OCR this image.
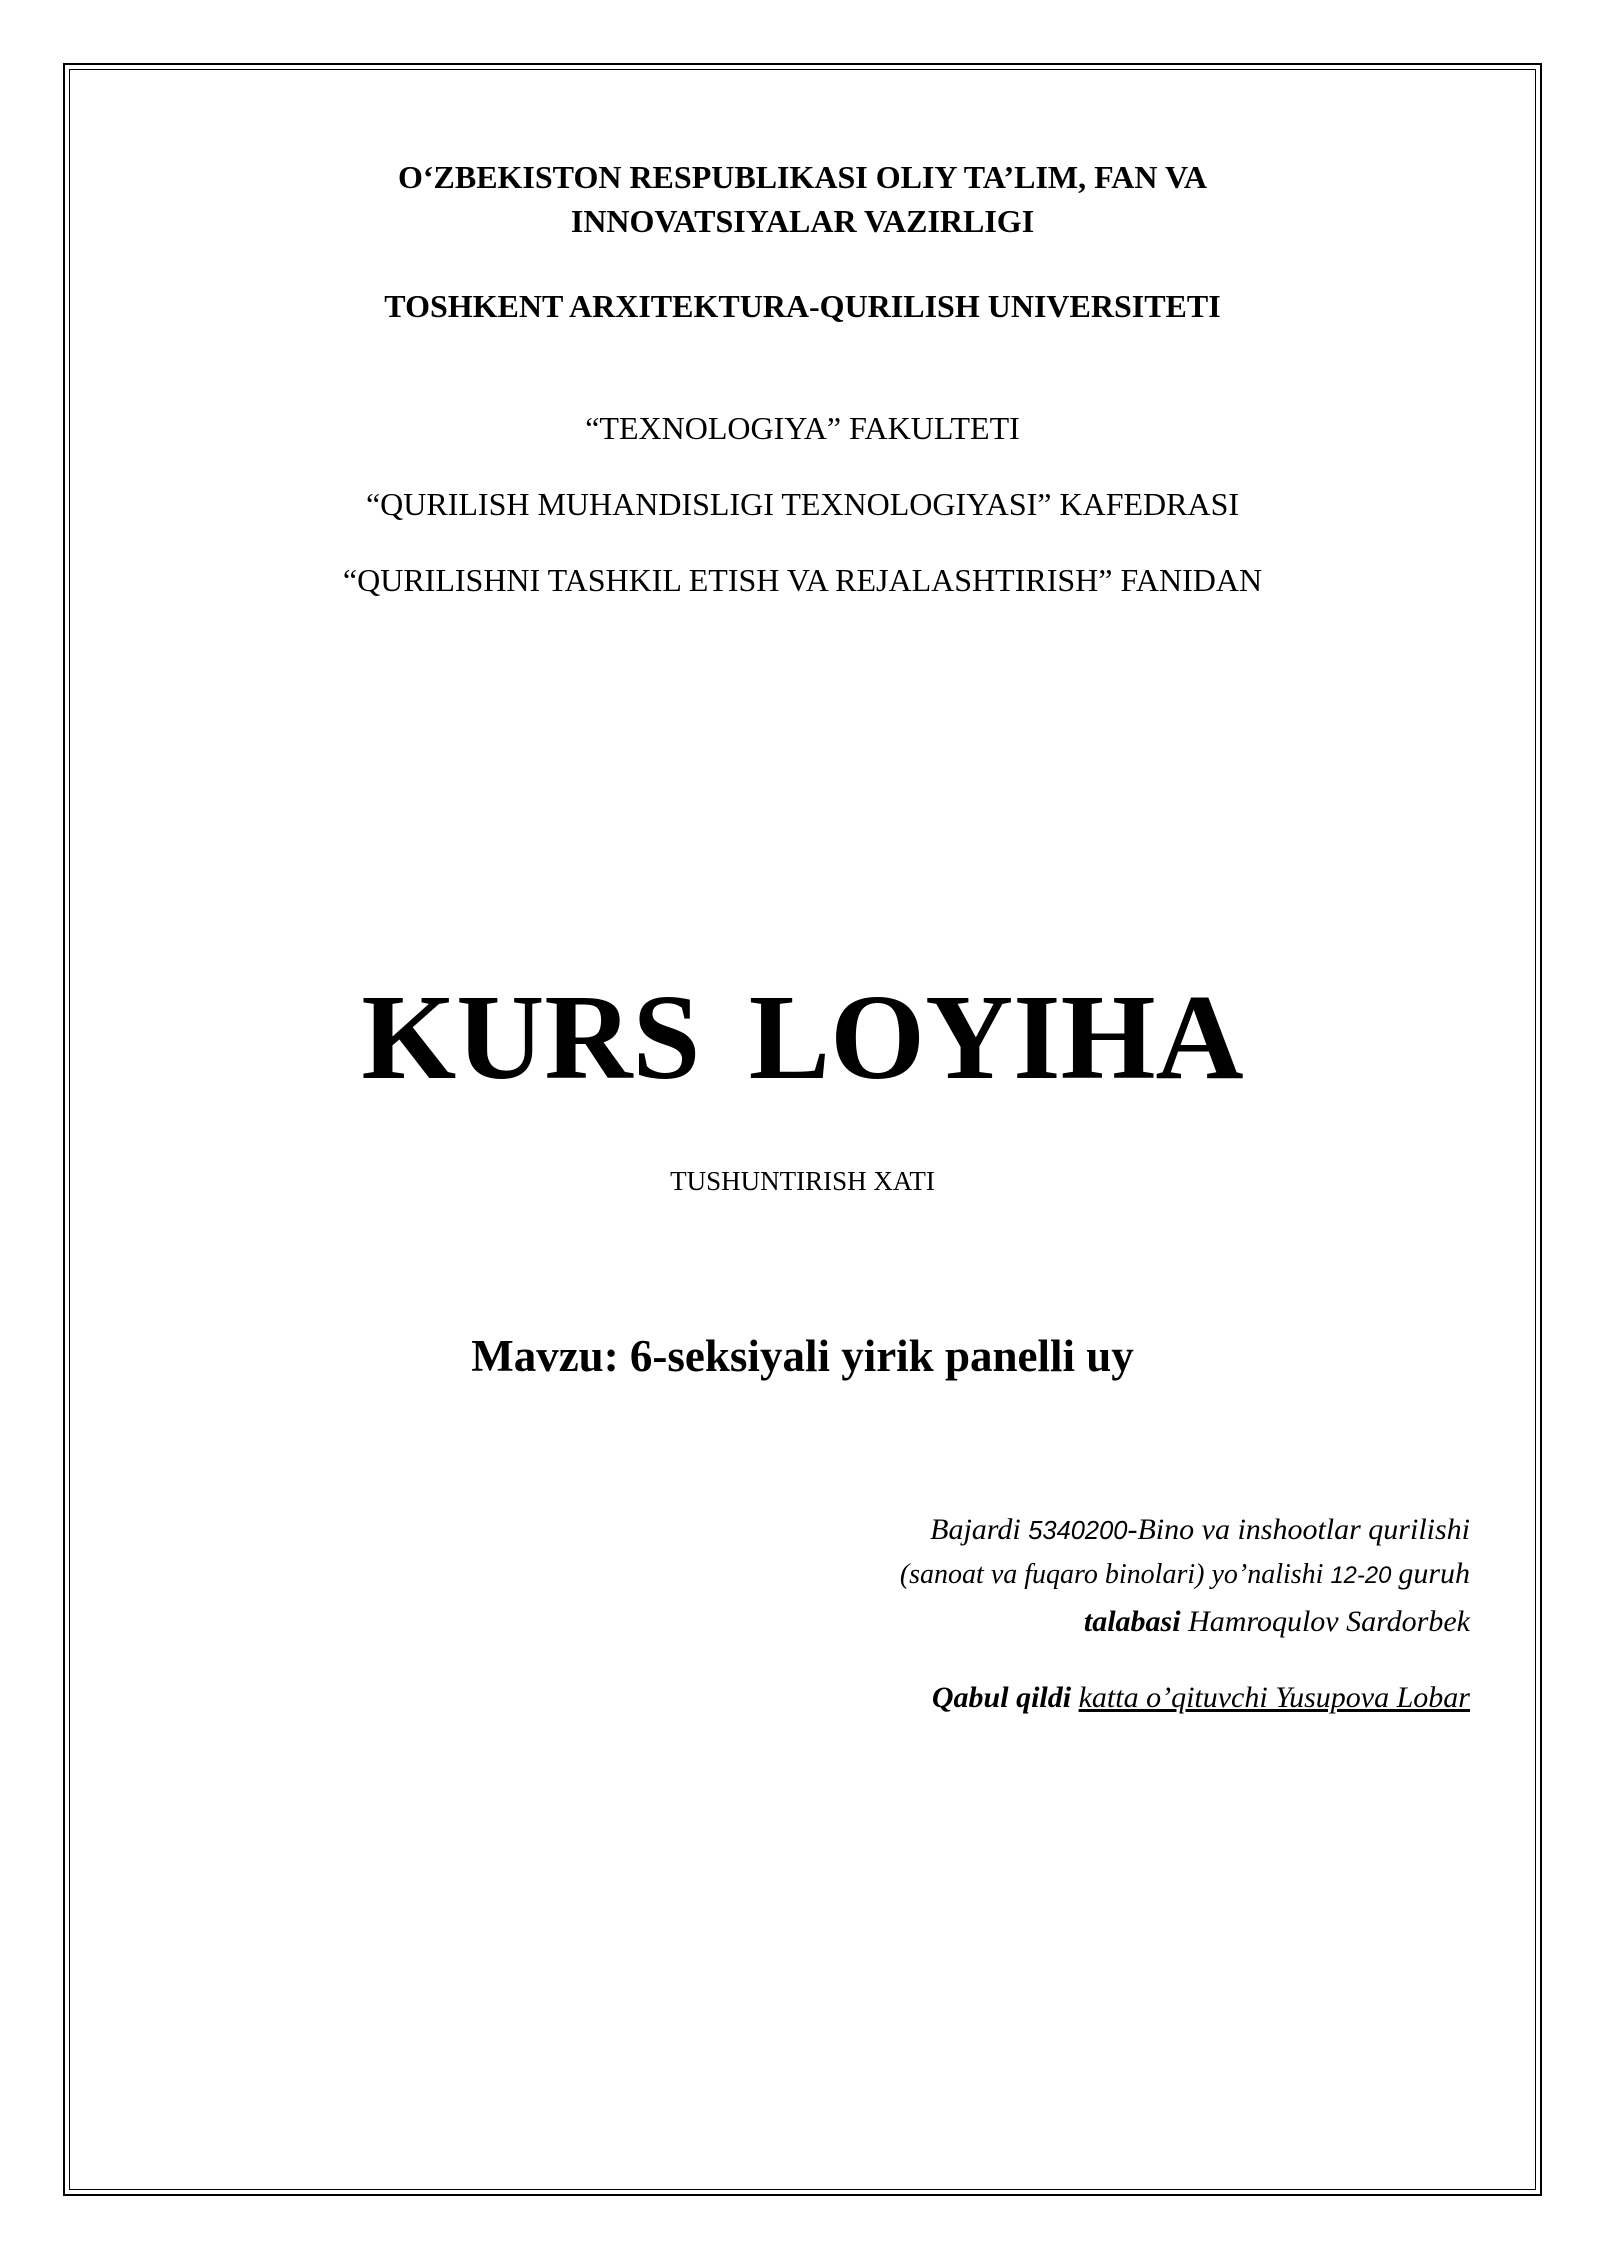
O‘ZBEKISTON RESPUBLIKASI OLIY TA’LIM, FAN VA
INNOVATSIYALAR VAZIRLIGI
TOSHKENT ARXITEKTURA-QURILISH UNIVERSITETI
“TEXNOLOGIYA” FAKULTETI
“QURILISH MUHANDISLIGI TEXNOLOGIYASI” KAFEDRASI
“QURILISHNI TASHKIL ETISH VA REJALASHTIRISH” FANIDAN
KURS LOYIHA
TUSHUNTIRISH XATI
Mavzu: 6-seksiyali yirik panelli uy
Bajardi 5340200-Bino va inshootlar qurilishi
(sanoat va fuqaro binolari) yo’nalishi 12-20 guruh
talabasi Hamroqulov Sardorbek
Qabul qildi katta o’qituvchi Yusupova Lobar
